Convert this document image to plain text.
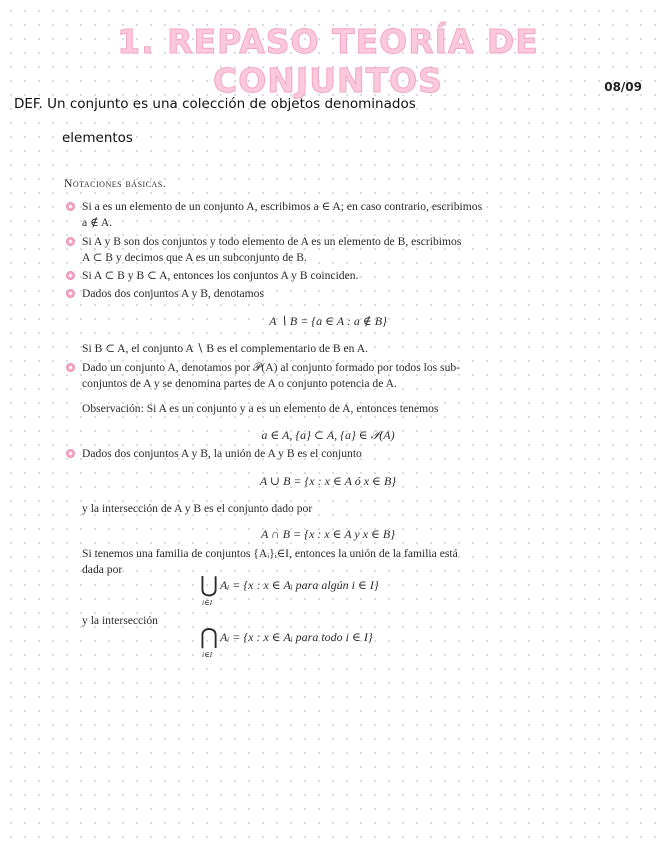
1. REPASO TEORÍA DE CONJUNTOS	08/09
DEF. Un conjunto es una colección de objetos denominados
elementos
Notaciones básicas.
Si a es un elemento de un conjunto A, escribimos a ∈ A; en caso contrario, escribimos
a ∉ A.
Si A y B son dos conjuntos y todo elemento de A es un elemento de B, escribimos
A ⊂ B y decimos que A es un subconjunto de B.
Si A ⊂ B y B ⊂ A, entonces los conjuntos A y B coinciden.
Dados dos conjuntos A y B, denotamos
A ∖ B = {a ∈ A : a ∉ B}
Si B ⊂ A, el conjunto A ∖ B es el complementario de B en A.
Dado un conjunto A, denotamos por 𝒫(A) al conjunto formado por todos los sub-
conjuntos de A y se denomina partes de A o conjunto potencia de A.
Observación: Si A es un conjunto y a es un elemento de A, entonces tenemos
a ∈ A, {a} ⊂ A, {a} ∈ 𝒫(A)
Dados dos conjuntos A y B, la unión de A y B es el conjunto
A ∪ B = {x : x ∈ A ó x ∈ B}
y la intersección de A y B es el conjunto dado por
A ∩ B = {x : x ∈ A y x ∈ B}
Si tenemos una familia de conjuntos {Aᵢ}ᵢ∈I, entonces la unión de la familia está
dada por
⋃
i∈I
Aᵢ = {x : x ∈ Aᵢ para algún i ∈ I}
y la intersección
⋂
i∈I
Aᵢ = {x : x ∈ Aᵢ para todo i ∈ I}
